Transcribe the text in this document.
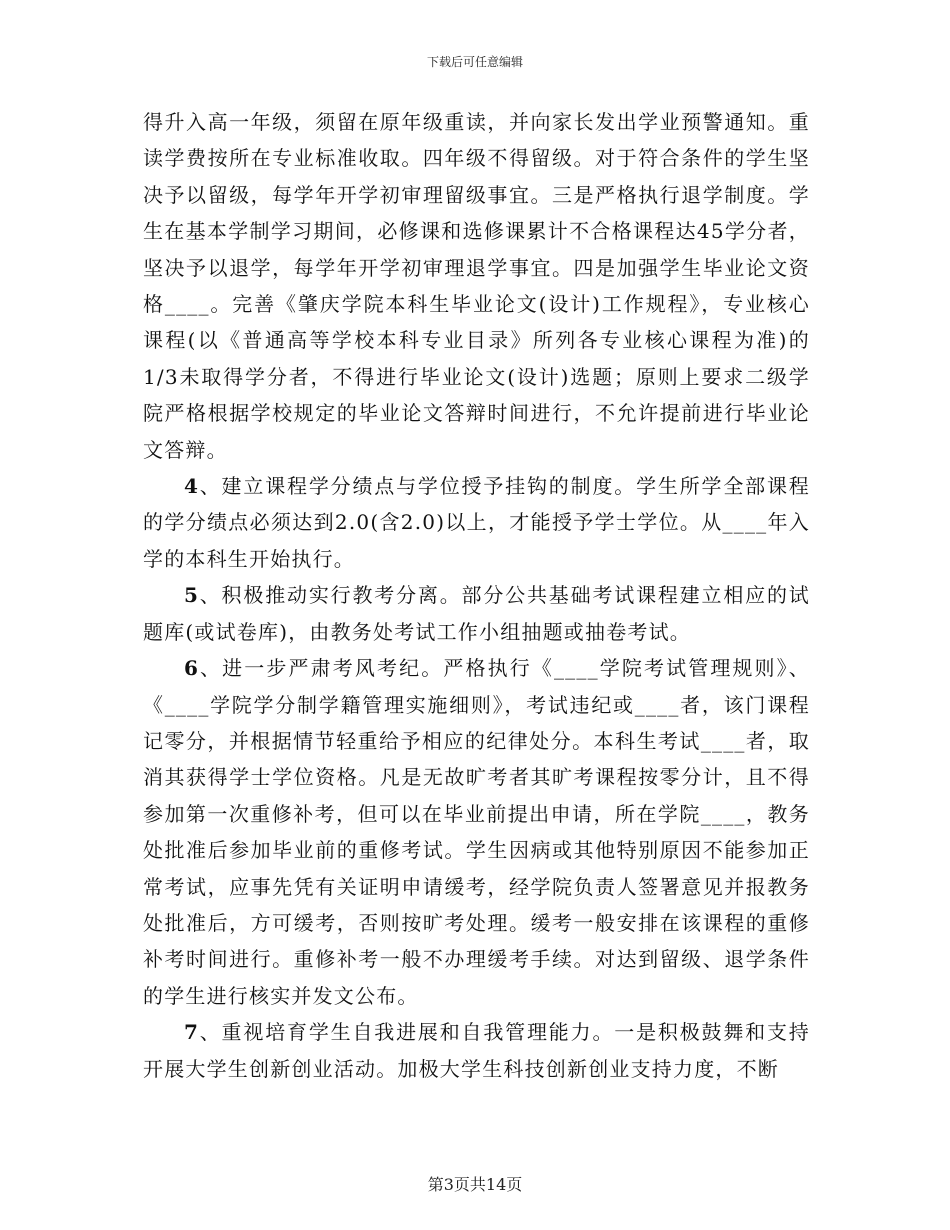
下载后可任意编辑

得升入高一年级，须留在原年级重读，并向家长发出学业预警通知。重读学费按所在专业标准收取。四年级不得留级。对于符合条件的学生坚决予以留级，每学年开学初审理留级事宜。三是严格执行退学制度。学生在基本学制学习期间，必修课和选修课累计不合格课程达45学分者，坚决予以退学，每学年开学初审理退学事宜。四是加强学生毕业论文资格____。完善《肇庆学院本科生毕业论文(设计)工作规程》，专业核心课程(以《普通高等学校本科专业目录》所列各专业核心课程为准)的1/3未取得学分者，不得进行毕业论文(设计)选题；原则上要求二级学院严格根据学校规定的毕业论文答辩时间进行，不允许提前进行毕业论文答辩。

4、建立课程学分绩点与学位授予挂钩的制度。学生所学全部课程的学分绩点必须达到2.0(含2.0)以上，才能授予学士学位。从____年入学的本科生开始执行。

5、积极推动实行教考分离。部分公共基础考试课程建立相应的试题库(或试卷库)，由教务处考试工作小组抽题或抽卷考试。

6、进一步严肃考风考纪。严格执行《____学院考试管理规则》、《____学院学分制学籍管理实施细则》，考试违纪或____者，该门课程记零分，并根据情节轻重给予相应的纪律处分。本科生考试____者，取消其获得学士学位资格。凡是无故旷考者其旷考课程按零分计，且不得参加第一次重修补考，但可以在毕业前提出申请，所在学院____，教务处批准后参加毕业前的重修考试。学生因病或其他特别原因不能参加正常考试，应事先凭有关证明申请缓考，经学院负责人签署意见并报教务处批准后，方可缓考，否则按旷考处理。缓考一般安排在该课程的重修补考时间进行。重修补考一般不办理缓考手续。对达到留级、退学条件的学生进行核实并发文公布。

7、重视培育学生自我进展和自我管理能力。一是积极鼓舞和支持开展大学生创新创业活动。加极大学生科技创新创业支持力度，不断

第3页共14页
